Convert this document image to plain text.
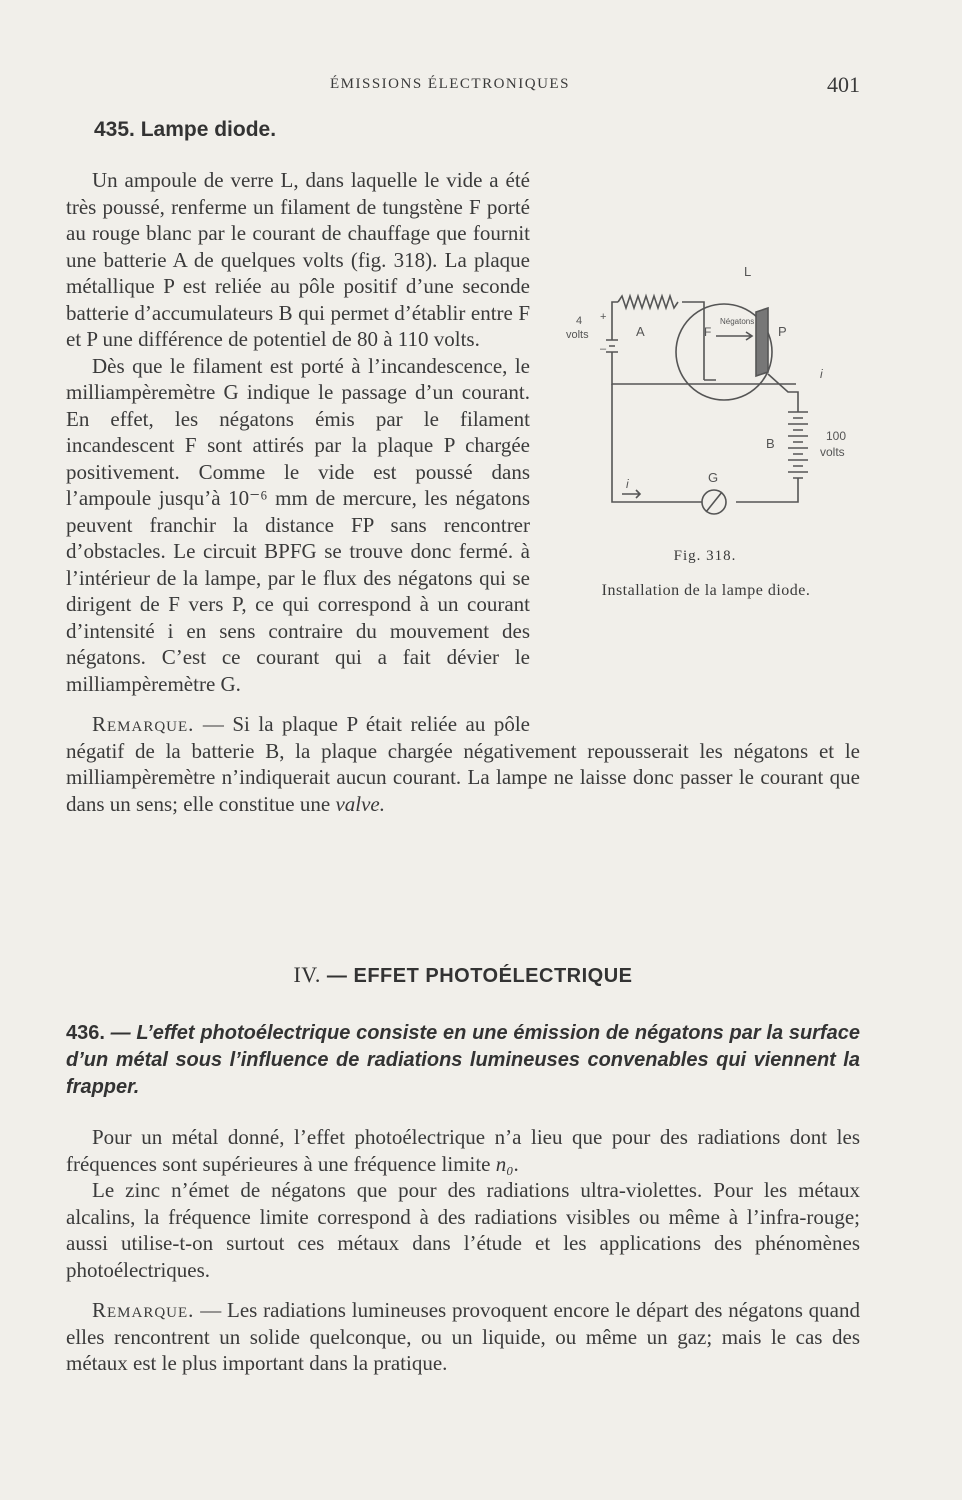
ÉMISSIONS ÉLECTRONIQUES	401
435. Lampe diode.

Un ampoule de verre L, dans laquelle le vide a été très poussé, renferme un filament de tungstène F porté au rouge blanc par le courant de chauffage que fournit une batterie A de quelques volts (fig. 318). La plaque métallique P est reliée au pôle positif d’une seconde batterie d’accumulateurs B qui permet d’établir entre F et P une différence de potentiel de 80 à 110 volts.

Dès que le filament est porté à l’incandescence, le milliampèremètre G indique le passage d’un courant. En effet, les négatons émis par le filament incandescent F sont attirés par la plaque P chargée positivement. Comme le vide est poussé dans l’ampoule jusqu’à 10⁻⁶ mm de mercure, les négatons peuvent franchir la distance FP sans rencontrer d’obstacles. Le circuit BPFG se trouve donc fermé. à l’intérieur de la lampe, par le flux des négatons qui se dirigent de F vers P, ce qui correspond à un courant d’intensité i en sens contraire du mouvement des négatons. C’est ce courant qui a fait dévier le milliampèremètre G.

Remarque. — Si la plaque P était reliée au pôle négatif de la batterie B, la plaque chargée négativement repousserait les négatons et le milliampèremètre n’indiquerait aucun courant. La lampe ne laisse donc passer le courant que dans un sens; elle constitue une valve.

L
A	F	P
Négatons
B
G
4
volts
+
–
100
volts
i
i
Fig. 318.
Installation de la lampe diode.
IV. — EFFET PHOTOÉLECTRIQUE
436. — L’effet photoélectrique consiste en une émission de négatons par la surface d’un métal sous l’influence de radiations lumineuses convenables qui viennent la frapper.

Pour un métal donné, l’effet photoélectrique n’a lieu que pour des radiations dont les fréquences sont supérieures à une fréquence limite n₀.

Le zinc n’émet de négatons que pour des radiations ultra-violettes. Pour les métaux alcalins, la fréquence limite correspond à des radiations visibles ou même à l’infra-rouge; aussi utilise-t-on surtout ces métaux dans l’étude et les applications des phénomènes photoélectriques.

Remarque. — Les radiations lumineuses provoquent encore le départ des négatons quand elles rencontrent un solide quelconque, ou un liquide, ou même un gaz; mais le cas des métaux est le plus important dans la pratique.
